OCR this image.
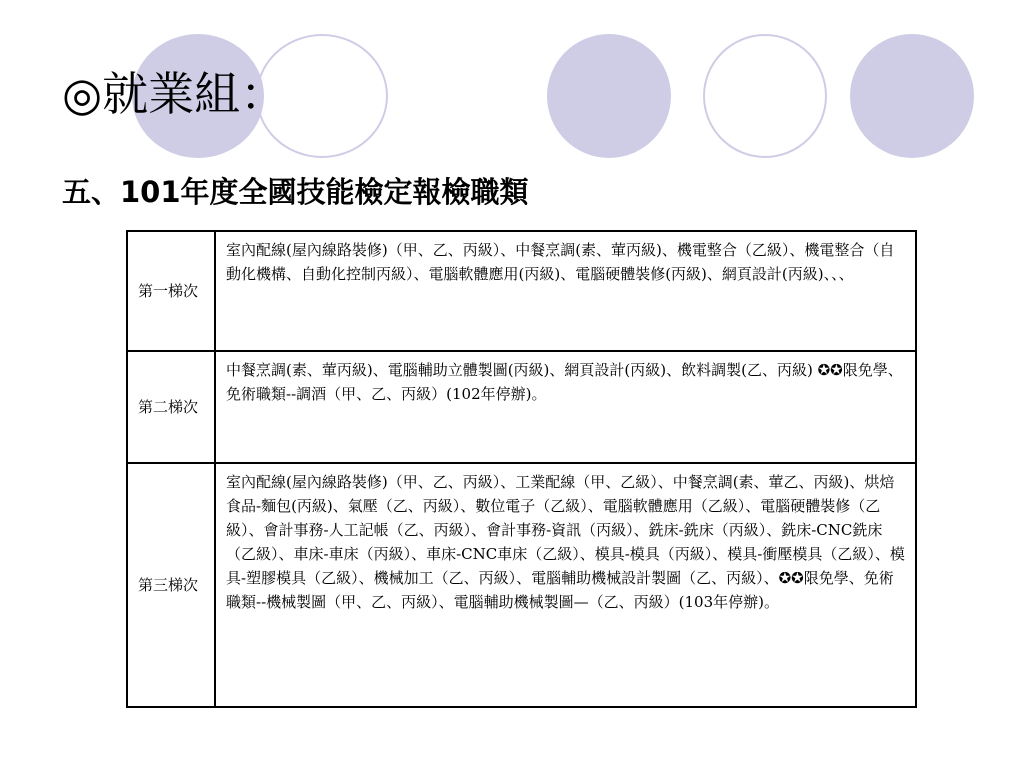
◎就業組：
五、101年度全國技能檢定報檢職類
第一梯次	室內配線(屋內線路裝修)（甲、乙、丙級）、中餐烹調(素、葷丙級)、機電整合（乙級）、機電整合（自動化機構、自動化控制丙級）、電腦軟體應用(丙級)、電腦硬體裝修(丙級)、網頁設計(丙級)、、、
第二梯次	中餐烹調(素、葷丙級)、電腦輔助立體製圖(丙級)、網頁設計(丙級)、飲料調製(乙、丙級) ✪✪限免學、免術職類--調酒（甲、乙、丙級）(102年停辦)。
第三梯次	室內配線(屋內線路裝修)（甲、乙、丙級）、工業配線（甲、乙級）、中餐烹調(素、葷乙、丙級)、烘焙食品-麵包(丙級)、氣壓（乙、丙級）、數位電子（乙級）、電腦軟體應用（乙級）、電腦硬體裝修（乙級）、會計事務-人工記帳（乙、丙級）、會計事務-資訊（丙級）、銑床-銑床（丙級）、銑床-CNC銑床（乙級）、車床-車床（丙級）、車床-CNC車床（乙級）、模具-模具（丙級）、模具-衝壓模具（乙級）、模具-塑膠模具（乙級）、機械加工（乙、丙級）、電腦輔助機械設計製圖（乙、丙級）、✪✪限免學、免術職類--機械製圖（甲、乙、丙級）、電腦輔助機械製圖—（乙、丙級）(103年停辦)。
